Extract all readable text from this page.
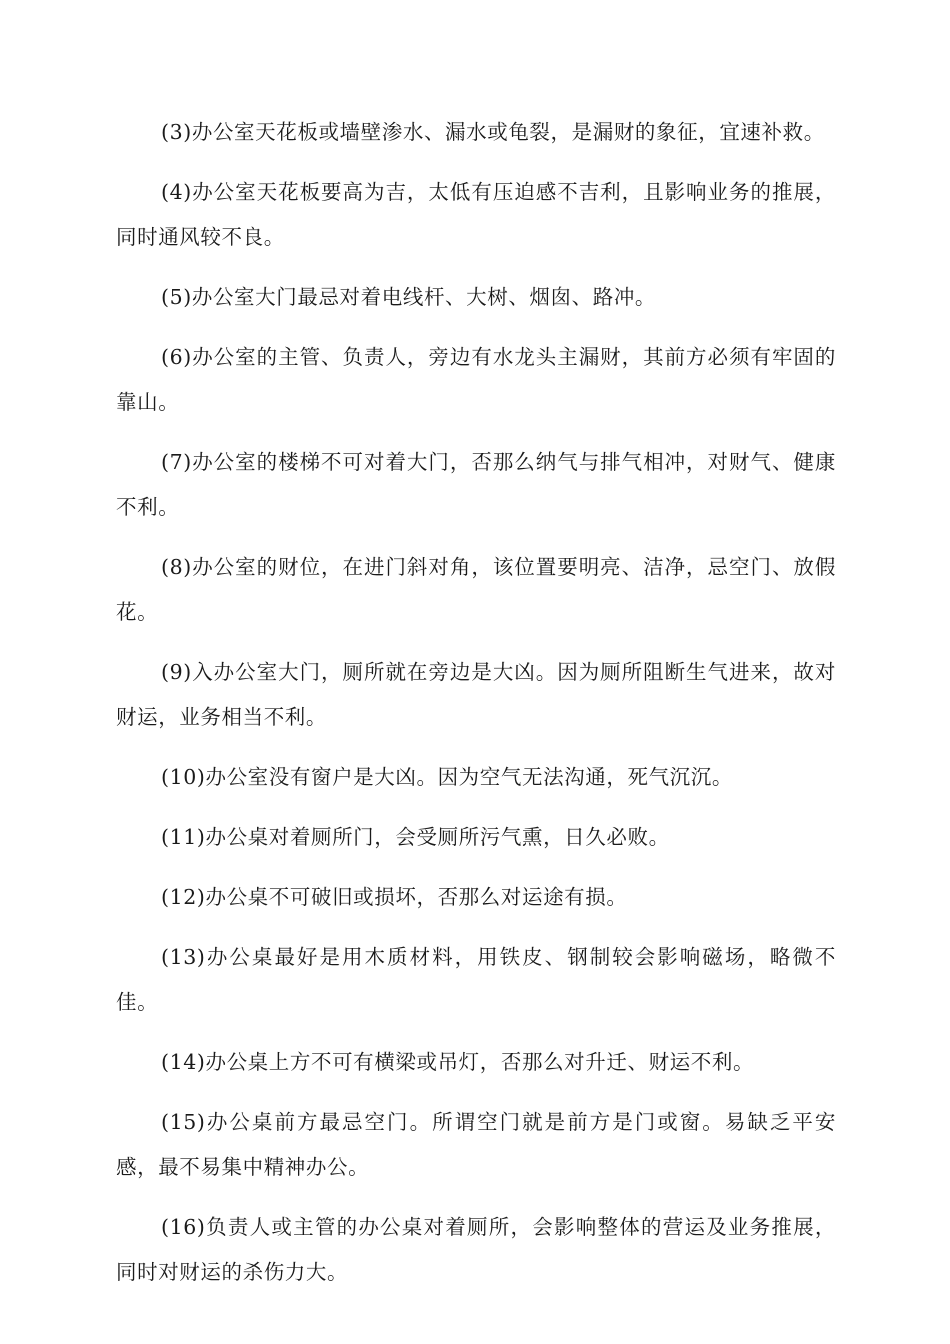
(3)办公室天花板或墙壁渗水、漏水或龟裂，是漏财的象征，宜速补救。

(4)办公室天花板要高为吉，太低有压迫感不吉利，且影响业务的推展，同时通风较不良。

(5)办公室大门最忌对着电线杆、大树、烟囱、路冲。

(6)办公室的主管、负责人，旁边有水龙头主漏财，其前方必须有牢固的靠山。

(7)办公室的楼梯不可对着大门，否那么纳气与排气相冲，对财气、健康不利。

(8)办公室的财位，在进门斜对角，该位置要明亮、洁净，忌空门、放假花。

(9)入办公室大门，厕所就在旁边是大凶。因为厕所阻断生气进来，故对财运，业务相当不利。

(10)办公室没有窗户是大凶。因为空气无法沟通，死气沉沉。

(11)办公桌对着厕所门，会受厕所污气熏，日久必败。

(12)办公桌不可破旧或损坏，否那么对运途有损。

(13)办公桌最好是用木质材料，用铁皮、钢制较会影响磁场，略微不佳。

(14)办公桌上方不可有横梁或吊灯，否那么对升迁、财运不利。

(15)办公桌前方最忌空门。所谓空门就是前方是门或窗。易缺乏平安感，最不易集中精神办公。

(16)负责人或主管的办公桌对着厕所，会影响整体的营运及业务推展，同时对财运的杀伤力大。
